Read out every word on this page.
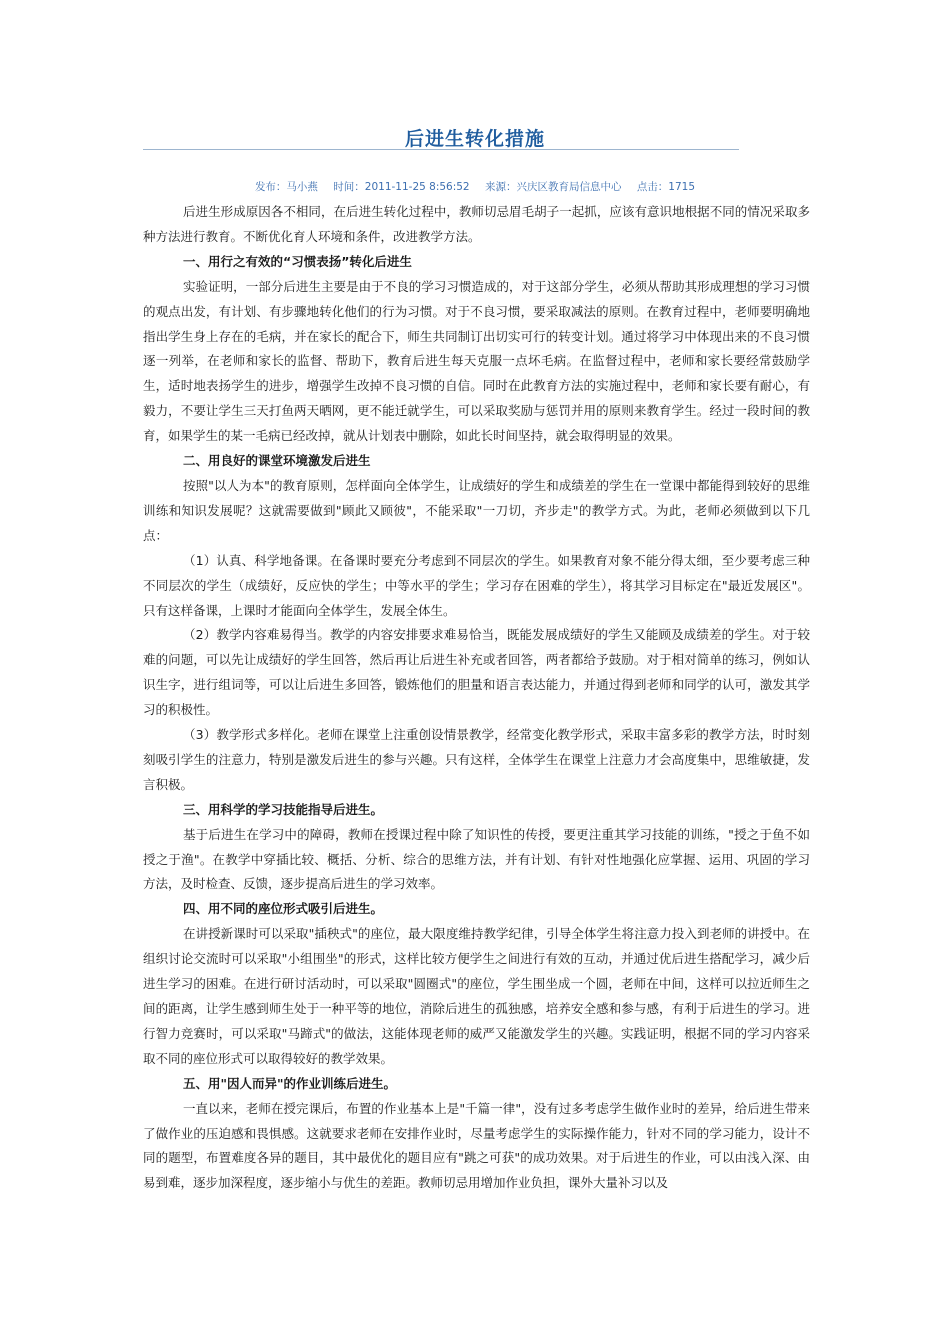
后进生转化措施
发布：马小燕 时间：2011-11-25 8:56:52 来源：兴庆区教育局信息中心 点击：1715

后进生形成原因各不相同，在后进生转化过程中，教师切忌眉毛胡子一起抓，应该有意识地根据不同的情况采取多种方法进行教育。不断优化育人环境和条件，改进教学方法。

一、用行之有效的“习惯表扬”转化后进生

实验证明，一部分后进生主要是由于不良的学习习惯造成的，对于这部分学生，必须从帮助其形成理想的学习习惯的观点出发，有计划、有步骤地转化他们的行为习惯。对于不良习惯，要采取减法的原则。在教育过程中，老师要明确地指出学生身上存在的毛病，并在家长的配合下，师生共同制订出切实可行的转变计划。通过将学习中体现出来的不良习惯逐一列举，在老师和家长的监督、帮助下，教育后进生每天克服一点坏毛病。在监督过程中，老师和家长要经常鼓励学生，适时地表扬学生的进步，增强学生改掉不良习惯的自信。同时在此教育方法的实施过程中，老师和家长要有耐心，有毅力，不要让学生三天打鱼两天晒网，更不能迁就学生，可以采取奖励与惩罚并用的原则来教育学生。经过一段时间的教育，如果学生的某一毛病已经改掉，就从计划表中删除，如此长时间坚持，就会取得明显的效果。

二、用良好的课堂环境激发后进生

按照"以人为本"的教育原则，怎样面向全体学生，让成绩好的学生和成绩差的学生在一堂课中都能得到较好的思维训练和知识发展呢？这就需要做到"顾此又顾彼"，不能采取"一刀切，齐步走"的教学方式。为此，老师必须做到以下几点：

（1）认真、科学地备课。在备课时要充分考虑到不同层次的学生。如果教育对象不能分得太细，至少要考虑三种不同层次的学生（成绩好，反应快的学生；中等水平的学生；学习存在困难的学生），将其学习目标定在"最近发展区"。只有这样备课，上课时才能面向全体学生，发展全体生。

（2）教学内容难易得当。教学的内容安排要求难易恰当，既能发展成绩好的学生又能顾及成绩差的学生。对于较难的问题，可以先让成绩好的学生回答，然后再让后进生补充或者回答，两者都给予鼓励。对于相对简单的练习，例如认识生字，进行组词等，可以让后进生多回答，锻炼他们的胆量和语言表达能力，并通过得到老师和同学的认可，激发其学习的积极性。

（3）教学形式多样化。老师在课堂上注重创设情景教学，经常变化教学形式，采取丰富多彩的教学方法，时时刻刻吸引学生的注意力，特别是激发后进生的参与兴趣。只有这样，全体学生在课堂上注意力才会高度集中，思维敏捷，发言积极。

三、用科学的学习技能指导后进生。

基于后进生在学习中的障碍，教师在授课过程中除了知识性的传授，要更注重其学习技能的训练，"授之于鱼不如授之于渔"。在教学中穿插比较、概括、分析、综合的思维方法，并有计划、有针对性地强化应掌握、运用、巩固的学习方法，及时检查、反馈，逐步提高后进生的学习效率。

四、用不同的座位形式吸引后进生。

在讲授新课时可以采取"插秧式"的座位，最大限度维持教学纪律，引导全体学生将注意力投入到老师的讲授中。在组织讨论交流时可以采取"小组围坐"的形式，这样比较方便学生之间进行有效的互动，并通过优后进生搭配学习，减少后进生学习的困难。在进行研讨活动时，可以采取"圆圈式"的座位，学生围坐成一个圆，老师在中间，这样可以拉近师生之间的距离，让学生感到师生处于一种平等的地位，消除后进生的孤独感，培养安全感和参与感，有利于后进生的学习。进行智力竞赛时，可以采取"马蹄式"的做法，这能体现老师的威严又能激发学生的兴趣。实践证明，根据不同的学习内容采取不同的座位形式可以取得较好的教学效果。

五、用"因人而异"的作业训练后进生。

一直以来，老师在授完课后，布置的作业基本上是"千篇一律"，没有过多考虑学生做作业时的差异，给后进生带来了做作业的压迫感和畏惧感。这就要求老师在安排作业时，尽量考虑学生的实际操作能力，针对不同的学习能力，设计不同的题型，布置难度各异的题目，其中最优化的题目应有"跳之可获"的成功效果。对于后进生的作业，可以由浅入深、由易到难，逐步加深程度，逐步缩小与优生的差距。教师切忌用增加作业负担，课外大量补习以及
